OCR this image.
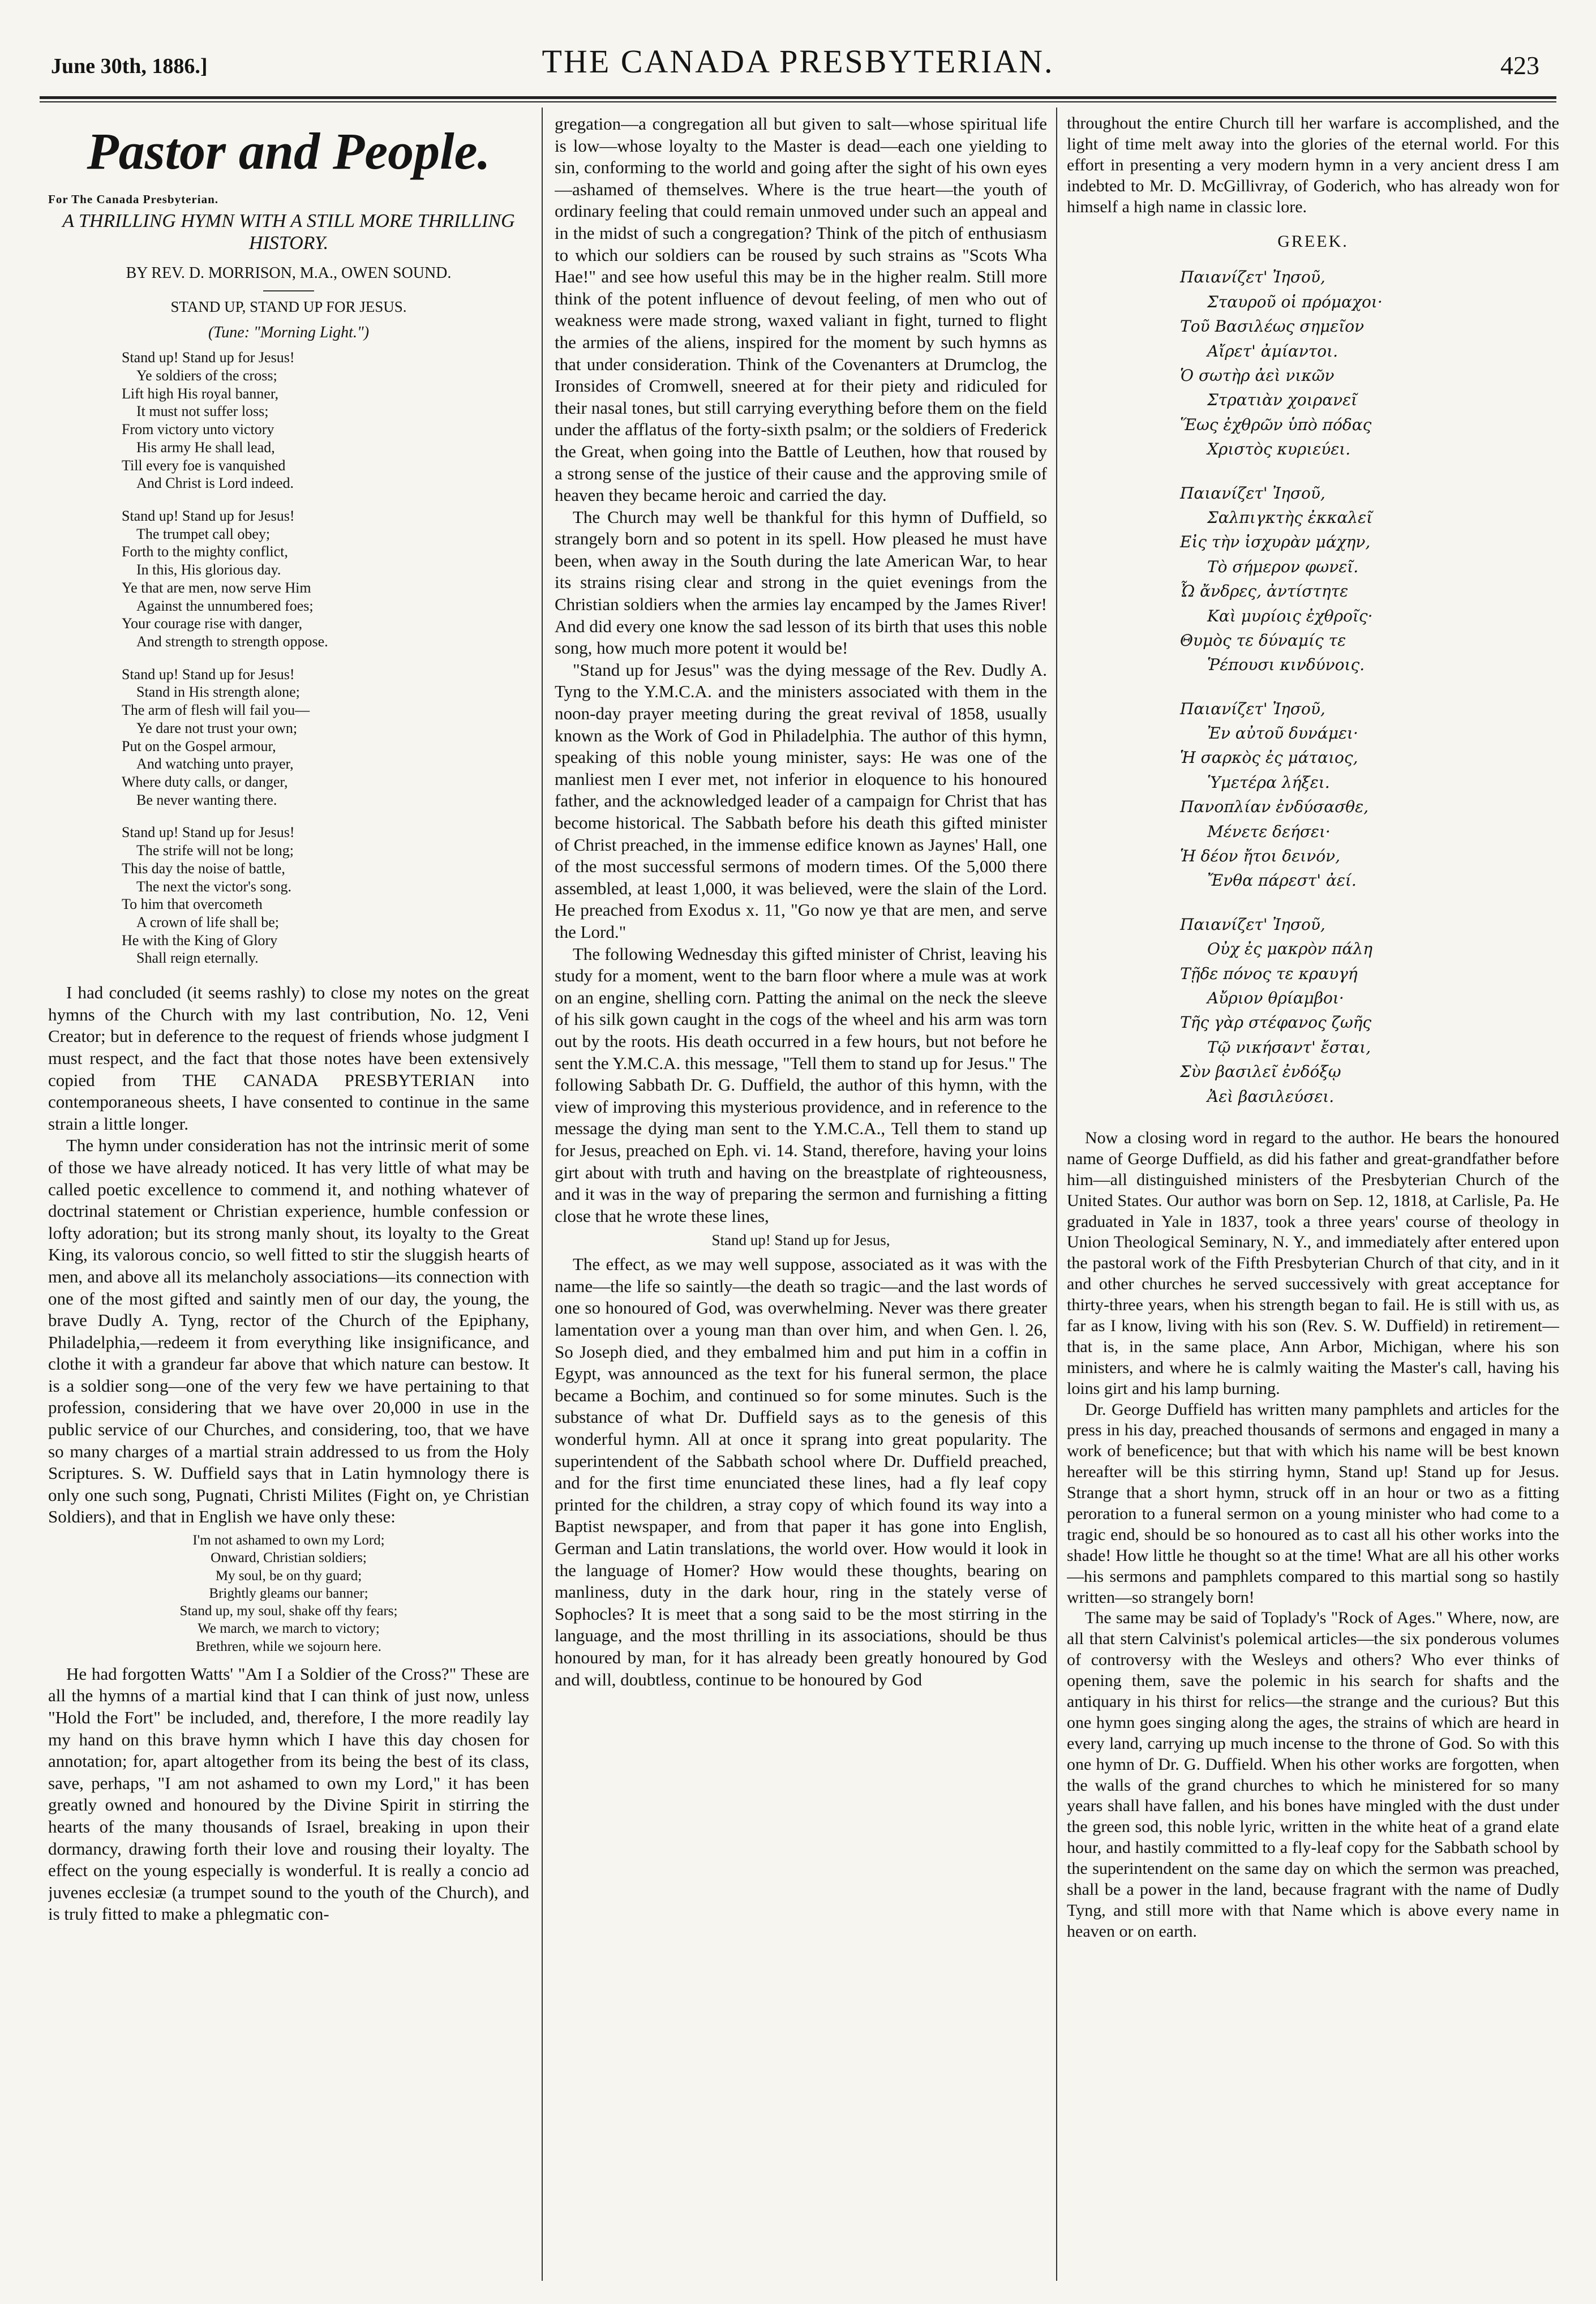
June 30th, 1886.]	THE CANADA PRESBYTERIAN.	423
Pastor and People.
For The Canada Presbyterian.
A THRILLING HYMN WITH A STILL MORE THRILLING HISTORY.
BY REV. D. MORRISON, M.A., OWEN SOUND.
STAND UP, STAND UP FOR JESUS.
(Tune: "Morning Light.")
Stand up! Stand up for Jesus!
Ye soldiers of the cross;
Lift high His royal banner,
It must not suffer loss;
From victory unto victory
His army He shall lead,
Till every foe is vanquished
And Christ is Lord indeed.
Stand up! Stand up for Jesus!
The trumpet call obey;
Forth to the mighty conflict,
In this, His glorious day.
Ye that are men, now serve Him
Against the unnumbered foes;
Your courage rise with danger,
And strength to strength oppose.
Stand up! Stand up for Jesus!
Stand in His strength alone;
The arm of flesh will fail you—
Ye dare not trust your own;
Put on the Gospel armour,
And watching unto prayer,
Where duty calls, or danger,
Be never wanting there.
Stand up! Stand up for Jesus!
The strife will not be long;
This day the noise of battle,
The next the victor's song.
To him that overcometh
A crown of life shall be;
He with the King of Glory
Shall reign eternally.

I had concluded (it seems rashly) to close my notes on the great hymns of the Church with my last contribution, No. 12, Veni Creator; but in deference to the request of friends whose judgment I must respect, and the fact that those notes have been extensively copied from THE CANADA PRESBYTERIAN into contemporaneous sheets, I have consented to continue in the same strain a little longer.

The hymn under consideration has not the intrinsic merit of some of those we have already noticed. It has very little of what may be called poetic excellence to commend it, and nothing whatever of doctrinal statement or Christian experience, humble confession or lofty adoration; but its strong manly shout, its loyalty to the Great King, its valorous concio, so well fitted to stir the sluggish hearts of men, and above all its melancholy associations—its connection with one of the most gifted and saintly men of our day, the young, the brave Dudly A. Tyng, rector of the Church of the Epiphany, Philadelphia,—redeem it from everything like insignificance, and clothe it with a grandeur far above that which nature can bestow. It is a soldier song—one of the very few we have pertaining to that profession, considering that we have over 20,000 in use in the public service of our Churches, and considering, too, that we have so many charges of a martial strain addressed to us from the Holy Scriptures. S. W. Duffield says that in Latin hymnology there is only one such song, Pugnati, Christi Milites (Fight on, ye Christian Soldiers), and that in English we have only these:

I'm not ashamed to own my Lord;
Onward, Christian soldiers;
My soul, be on thy guard;
Brightly gleams our banner;
Stand up, my soul, shake off thy fears;
We march, we march to victory;
Brethren, while we sojourn here.

He had forgotten Watts' "Am I a Soldier of the Cross?" These are all the hymns of a martial kind that I can think of just now, unless "Hold the Fort" be included, and, therefore, I the more readily lay my hand on this brave hymn which I have this day chosen for annotation; for, apart altogether from its being the best of its class, save, perhaps, "I am not ashamed to own my Lord," it has been greatly owned and honoured by the Divine Spirit in stirring the hearts of the many thousands of Israel, breaking in upon their dormancy, drawing forth their love and rousing their loyalty. The effect on the young especially is wonderful. It is really a concio ad juvenes ecclesiæ (a trumpet sound to the youth of the Church), and is truly fitted to make a phlegmatic con-

gregation—a congregation all but given to salt—whose spiritual life is low—whose loyalty to the Master is dead—each one yielding to sin, conforming to the world and going after the sight of his own eyes—ashamed of themselves. Where is the true heart—the youth of ordinary feeling that could remain unmoved under such an appeal and in the midst of such a congregation? Think of the pitch of enthusiasm to which our soldiers can be roused by such strains as "Scots Wha Hae!" and see how useful this may be in the higher realm. Still more think of the potent influence of devout feeling, of men who out of weakness were made strong, waxed valiant in fight, turned to flight the armies of the aliens, inspired for the moment by such hymns as that under consideration. Think of the Covenanters at Drumclog, the Ironsides of Cromwell, sneered at for their piety and ridiculed for their nasal tones, but still carrying everything before them on the field under the afflatus of the forty-sixth psalm; or the soldiers of Frederick the Great, when going into the Battle of Leuthen, how that roused by a strong sense of the justice of their cause and the approving smile of heaven they became heroic and carried the day.

The Church may well be thankful for this hymn of Duffield, so strangely born and so potent in its spell. How pleased he must have been, when away in the South during the late American War, to hear its strains rising clear and strong in the quiet evenings from the Christian soldiers when the armies lay encamped by the James River! And did every one know the sad lesson of its birth that uses this noble song, how much more potent it would be!

"Stand up for Jesus" was the dying message of the Rev. Dudly A. Tyng to the Y.M.C.A. and the ministers associated with them in the noon-day prayer meeting during the great revival of 1858, usually known as the Work of God in Philadelphia. The author of this hymn, speaking of this noble young minister, says: He was one of the manliest men I ever met, not inferior in eloquence to his honoured father, and the acknowledged leader of a campaign for Christ that has become historical. The Sabbath before his death this gifted minister of Christ preached, in the immense edifice known as Jaynes' Hall, one of the most successful sermons of modern times. Of the 5,000 there assembled, at least 1,000, it was believed, were the slain of the Lord. He preached from Exodus x. 11, "Go now ye that are men, and serve the Lord."

The following Wednesday this gifted minister of Christ, leaving his study for a moment, went to the barn floor where a mule was at work on an engine, shelling corn. Patting the animal on the neck the sleeve of his silk gown caught in the cogs of the wheel and his arm was torn out by the roots. His death occurred in a few hours, but not before he sent the Y.M.C.A. this message, "Tell them to stand up for Jesus." The following Sabbath Dr. G. Duffield, the author of this hymn, with the view of improving this mysterious providence, and in reference to the message the dying man sent to the Y.M.C.A., Tell them to stand up for Jesus, preached on Eph. vi. 14. Stand, therefore, having your loins girt about with truth and having on the breastplate of righteousness, and it was in the way of preparing the sermon and furnishing a fitting close that he wrote these lines,

Stand up! Stand up for Jesus,

The effect, as we may well suppose, associated as it was with the name—the life so saintly—the death so tragic—and the last words of one so honoured of God, was overwhelming. Never was there greater lamentation over a young man than over him, and when Gen. l. 26, So Joseph died, and they embalmed him and put him in a coffin in Egypt, was announced as the text for his funeral sermon, the place became a Bochim, and continued so for some minutes. Such is the substance of what Dr. Duffield says as to the genesis of this wonderful hymn. All at once it sprang into great popularity. The superintendent of the Sabbath school where Dr. Duffield preached, and for the first time enunciated these lines, had a fly leaf copy printed for the children, a stray copy of which found its way into a Baptist newspaper, and from that paper it has gone into English, German and Latin translations, the world over. How would it look in the language of Homer? How would these thoughts, bearing on manliness, duty in the dark hour, ring in the stately verse of Sophocles? It is meet that a song said to be the most stirring in the language, and the most thrilling in its associations, should be thus honoured by man, for it has already been greatly honoured by God and will, doubtless, continue to be honoured by God

throughout the entire Church till her warfare is accomplished, and the light of time melt away into the glories of the eternal world. For this effort in presenting a very modern hymn in a very ancient dress I am indebted to Mr. D. McGillivray, of Goderich, who has already won for himself a high name in classic lore.

GREEK.
Παιανίζετ' Ἰησοῦ,
Σταυροῦ οἱ πρόμαχοι·
Τοῦ Βασιλέως σημεῖον
Αἴρετ' ἀμίαντοι.
Ὁ σωτὴρ ἀεὶ νικῶν
Στρατιὰν χοιρανεῖ
Ἕως ἐχθρῶν ὑπὸ πόδας
Χριστὸς κυριεύει.
Παιανίζετ' Ἰησοῦ,
Σαλπιγκτὴς ἐκκαλεῖ
Εἰς τὴν ἰσχυρὰν μάχην,
Τὸ σήμερον φωνεῖ.
Ὦ ἄνδρες, ἀντίστητε
Καὶ μυρίοις ἐχθροῖς·
Θυμὸς τε δύναμίς τε
Ῥέπουσι κινδύνοις.
Παιανίζετ' Ἰησοῦ,
Ἐν αὐτοῦ δυνάμει·
Ἡ σαρκὸς ἐς μάταιος,
Ὑμετέρα λήξει.
Πανοπλίαν ἐνδύσασθε,
Μένετε δεήσει·
Ἡ δέον ἤτοι δεινόν,
Ἔνθα πάρεστ' ἀεί.
Παιανίζετ' Ἰησοῦ,
Οὐχ ἐς μακρὸν πάλη
Τῇδε πόνος τε κραυγή
Αὔριον θρίαμβοι·
Τῆς γὰρ στέφανος ζωῆς
Τῷ νικήσαντ' ἔσται,
Σὺν βασιλεῖ ἐνδόξῳ
Ἀεὶ βασιλεύσει.

Now a closing word in regard to the author. He bears the honoured name of George Duffield, as did his father and great-grandfather before him—all distinguished ministers of the Presbyterian Church of the United States. Our author was born on Sep. 12, 1818, at Carlisle, Pa. He graduated in Yale in 1837, took a three years' course of theology in Union Theological Seminary, N. Y., and immediately after entered upon the pastoral work of the Fifth Presbyterian Church of that city, and in it and other churches he served successively with great acceptance for thirty-three years, when his strength began to fail. He is still with us, as far as I know, living with his son (Rev. S. W. Duffield) in retirement—that is, in the same place, Ann Arbor, Michigan, where his son ministers, and where he is calmly waiting the Master's call, having his loins girt and his lamp burning.

Dr. George Duffield has written many pamphlets and articles for the press in his day, preached thousands of sermons and engaged in many a work of beneficence; but that with which his name will be best known hereafter will be this stirring hymn, Stand up! Stand up for Jesus. Strange that a short hymn, struck off in an hour or two as a fitting peroration to a funeral sermon on a young minister who had come to a tragic end, should be so honoured as to cast all his other works into the shade! How little he thought so at the time! What are all his other works—his sermons and pamphlets compared to this martial song so hastily written—so strangely born!

The same may be said of Toplady's "Rock of Ages." Where, now, are all that stern Calvinist's polemical articles—the six ponderous volumes of controversy with the Wesleys and others? Who ever thinks of opening them, save the polemic in his search for shafts and the antiquary in his thirst for relics—the strange and the curious? But this one hymn goes singing along the ages, the strains of which are heard in every land, carrying up much incense to the throne of God. So with this one hymn of Dr. G. Duffield. When his other works are forgotten, when the walls of the grand churches to which he ministered for so many years shall have fallen, and his bones have mingled with the dust under the green sod, this noble lyric, written in the white heat of a grand elate hour, and hastily committed to a fly-leaf copy for the Sabbath school by the superintendent on the same day on which the sermon was preached, shall be a power in the land, because fragrant with the name of Dudly Tyng, and still more with that Name which is above every name in heaven or on earth.
